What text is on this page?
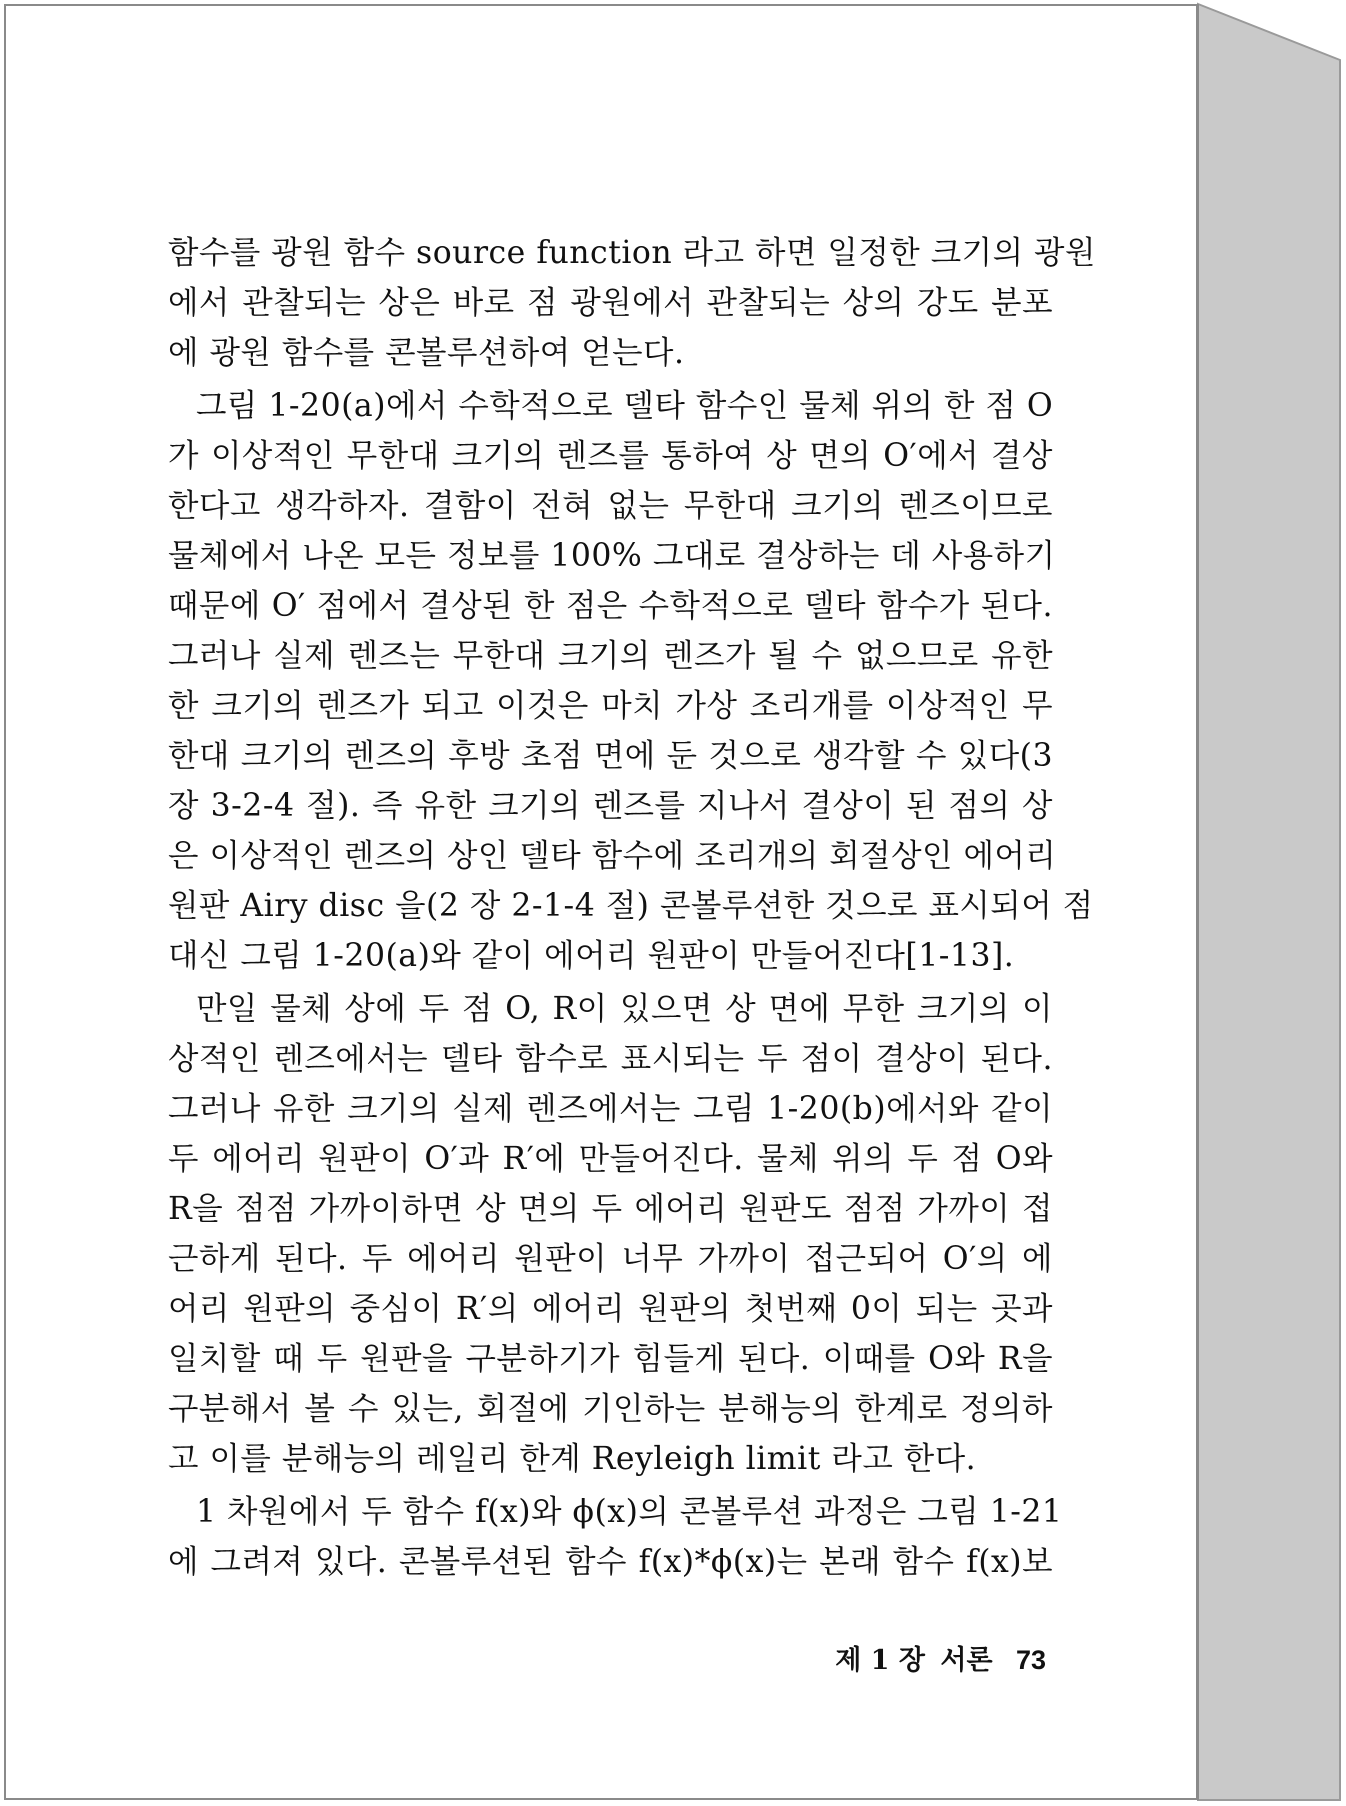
함수를 광원 함수 source function 라고 하면 일정한 크기의 광원
에서 관찰되는 상은 바로 점 광원에서 관찰되는 상의 강도 분포
에 광원 함수를 콘볼루션하여 얻는다.
그림 1-20(a)에서 수학적으로 델타 함수인 물체 위의 한 점 O
가 이상적인 무한대 크기의 렌즈를 통하여 상 면의 O′에서 결상
한다고 생각하자. 결함이 전혀 없는 무한대 크기의 렌즈이므로
물체에서 나온 모든 정보를 100% 그대로 결상하는 데 사용하기
때문에 O′ 점에서 결상된 한 점은 수학적으로 델타 함수가 된다.
그러나 실제 렌즈는 무한대 크기의 렌즈가 될 수 없으므로 유한
한 크기의 렌즈가 되고 이것은 마치 가상 조리개를 이상적인 무
한대 크기의 렌즈의 후방 초점 면에 둔 것으로 생각할 수 있다(3
장 3-2-4 절). 즉 유한 크기의 렌즈를 지나서 결상이 된 점의 상
은 이상적인 렌즈의 상인 델타 함수에 조리개의 회절상인 에어리
원판 Airy disc 을(2 장 2-1-4 절) 콘볼루션한 것으로 표시되어 점
대신 그림 1-20(a)와 같이 에어리 원판이 만들어진다[1-13].
만일 물체 상에 두 점 O, R이 있으면 상 면에 무한 크기의 이
상적인 렌즈에서는 델타 함수로 표시되는 두 점이 결상이 된다.
그러나 유한 크기의 실제 렌즈에서는 그림 1-20(b)에서와 같이
두 에어리 원판이 O′과 R′에 만들어진다. 물체 위의 두 점 O와
R을 점점 가까이하면 상 면의 두 에어리 원판도 점점 가까이 접
근하게 된다. 두 에어리 원판이 너무 가까이 접근되어 O′의 에
어리 원판의 중심이 R′의 에어리 원판의 첫번째 0이 되는 곳과
일치할 때 두 원판을 구분하기가 힘들게 된다. 이때를 O와 R을
구분해서 볼 수 있는, 회절에 기인하는 분해능의 한계로 정의하
고 이를 분해능의 레일리 한계 Reyleigh limit 라고 한다.
1 차원에서 두 함수 f(x)와 ϕ(x)의 콘볼루션 과정은 그림 1-21
에 그려져 있다. 콘볼루션된 함수 f(x)*ϕ(x)는 본래 함수 f(x)보
제 1 장 서론 73
